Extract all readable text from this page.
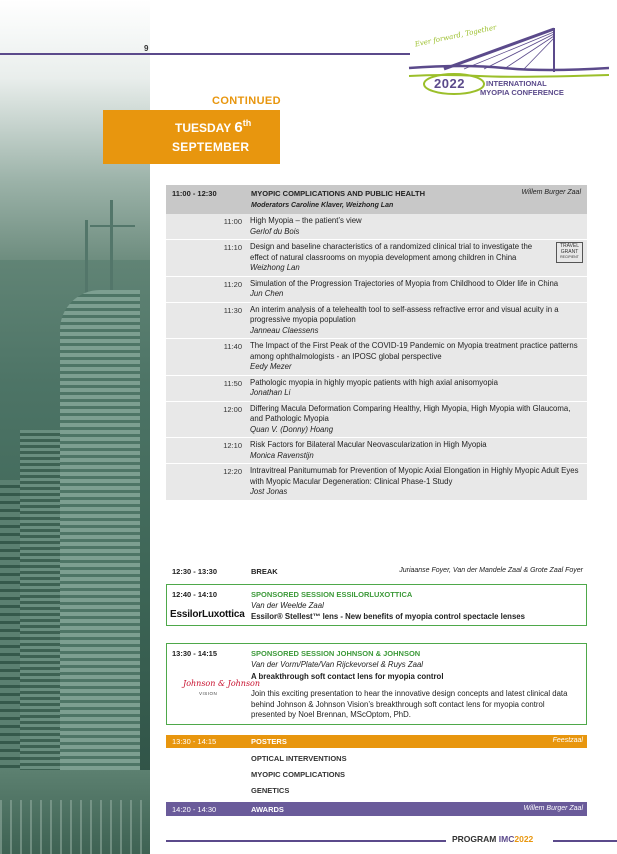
9	Ever forward, Together
2022	INTERNATIONAL
MYOPIA CONFERENCE
CONTINUED
TUESDAY 6th
SEPTEMBER
11:00 - 12:30	MYOPIC COMPLICATIONS AND PUBLIC HEALTH	Willem Burger Zaal
Moderators Caroline Klaver, Weizhong Lan
11:00	High Myopia – the patient’s view
Gerlof du Bois
11:10	Design and baseline characteristics of a randomized clinical trial to investigate the effect of natural classrooms on myopia development among children in China
Weizhong Lan
TRAVEL
GRANT
RECIPIENT
11:20	Simulation of the Progression Trajectories of Myopia from Childhood to Older life in China
Jun Chen
11:30	An interim analysis of a telehealth tool to self-assess refractive error and visual acuity in a progressive myopia population
Janneau Claessens
11:40	The Impact of the First Peak of the COVID-19 Pandemic on Myopia treatment practice patterns among ophthalmologists - an IPOSC global perspective
Eedy Mezer
11:50	Pathologic myopia in highly myopic patients with high axial anisomyopia
Jonathan Li
12:00	Differing Macula Deformation Comparing Healthy, High Myopia, High Myopia with Glaucoma, and Pathologic Myopia
Quan V. (Donny) Hoang
12:10	Risk Factors for Bilateral Macular Neovascularization in High Myopia
Monica Ravenstijn
12:20	Intravitreal Panitumumab for Prevention of Myopic Axial Elongation in Highly Myopic Adult Eyes with Myopic Macular Degeneration: Clinical Phase-1 Study
Jost Jonas
12:30 - 13:30	BREAK	Juriaanse Foyer, Van der Mandele Zaal & Grote Zaal Foyer
12:40 - 14:10	SPONSORED SESSION ESSILORLUXOTTICA
Van der Weelde Zaal
Essilor® Stellest™ lens - New benefits of myopia control spectacle lenses
EssilorLuxottica
13:30 - 14:15	SPONSORED SESSION JOHNSON & JOHNSON
Van der Vorm/Plate/Van Rijckevorsel & Ruys Zaal
A breakthrough soft contact lens for myopia control
Join this exciting presentation to hear the innovative design concepts and latest clinical data behind Johnson & Johnson Vision’s breakthrough soft contact lens for myopia control presented by Noel Brennan, MScOptom, PhD.
Johnson & Johnson
VISION
13:30 - 14:15	POSTERS	Feestzaal
OPTICAL INTERVENTIONS
MYOPIC COMPLICATIONS
GENETICS
14:20 - 14:30	AWARDS	Willem Burger Zaal
PROGRAM IMC2022
